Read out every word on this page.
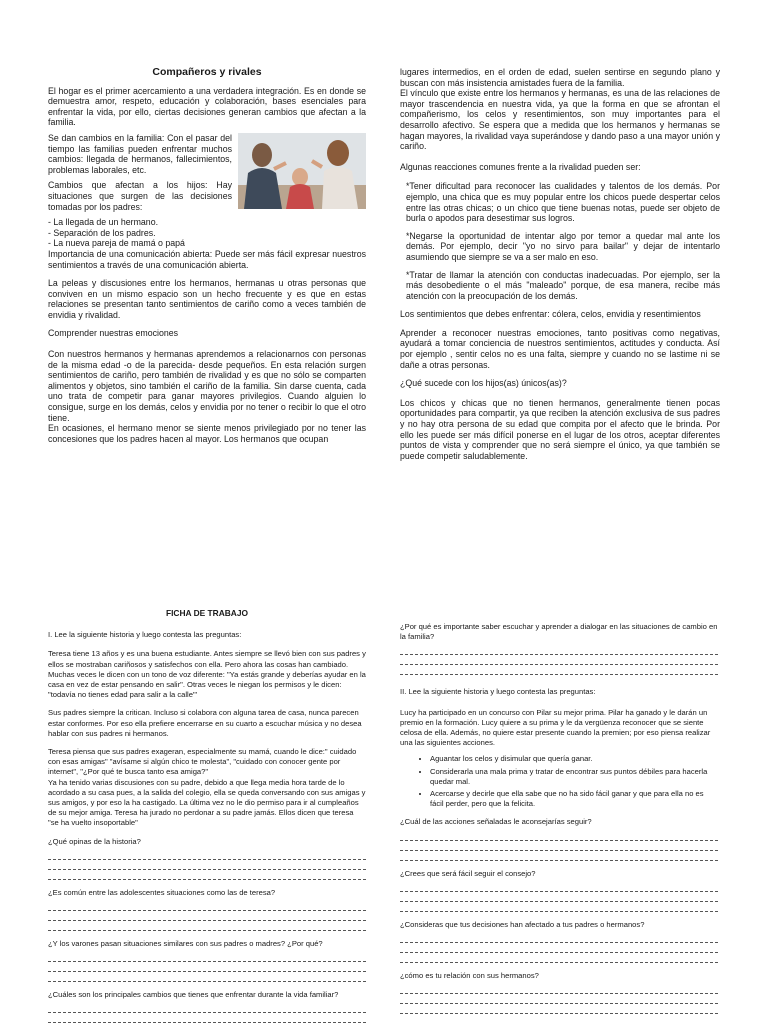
Compañeros y rivales

El hogar es el primer acercamiento a una verdadera integración. Es en donde se demuestra amor, respeto, educación y colaboración, bases esenciales para enfrentar la vida, por ello, ciertas decisiones generan cambios que afectan a la familia.

Se dan cambios en la familia: Con el pasar del tiempo las familias pueden enfrentar muchos cambios: llegada de hermanos, fallecimientos, problemas laborales, etc.

Cambios que afectan a los hijos: Hay situaciones que surgen de las decisiones tomadas por los padres:

- La llegada de un hermano.
- Separación de los padres.
- La nueva pareja de mamá o papá

Importancia de una comunicación abierta: Puede ser más fácil expresar nuestros sentimientos a través de una comunicación abierta.

La peleas y discusiones entre los hermanos, hermanas u otras personas que conviven en un mismo espacio son un hecho frecuente y es que en estas relaciones se presentan tanto sentimientos de cariño como a veces también de envidia y rivalidad.

Comprender nuestras emociones

Con nuestros hermanos y hermanas aprendemos a relacionarnos con personas de la misma edad -o de la parecida- desde pequeños. En esta relación surgen sentimientos de cariño, pero también de rivalidad y es que no sólo se comparten alimentos y objetos, sino también el cariño de la familia. Sin darse cuenta, cada uno trata de competir para ganar mayores privilegios. Cuando alguien lo consigue, surge en los demás, celos y envidia por no tener o recibir lo que el otro tiene.

En ocasiones, el hermano menor se siente menos privilegiado por no tener las concesiones que los padres hacen al mayor. Los hermanos que ocupan

lugares intermedios, en el orden de edad, suelen sentirse en segundo plano y buscan con más insistencia amistades fuera de la familia.

El vínculo que existe entre los hermanos y hermanas, es una de las relaciones de mayor trascendencia en nuestra vida, ya que la forma en que se afrontan el compañerismo, los celos y resentimientos, son muy importantes para el desarrollo afectivo. Se espera que a medida que los hermanos y hermanas se hagan mayores, la rivalidad vaya superándose y dando paso a una mayor unión y cariño.

Algunas reacciones comunes frente a la rivalidad pueden ser:

*Tener dificultad para reconocer las cualidades y talentos de los demás. Por ejemplo, una chica que es muy popular entre los chicos puede despertar celos entre las otras chicas; o un chico que tiene buenas notas, puede ser objeto de burla o apodos para desestimar sus logros.

*Negarse la oportunidad de intentar algo por temor a quedar mal ante los demás. Por ejemplo, decir "yo no sirvo para bailar" y dejar de intentarlo asumiendo que siempre se va a ser malo en eso.

*Tratar de llamar la atención con conductas inadecuadas. Por ejemplo, ser la más desobediente o el más "maleado" porque, de esa manera, recibe más atención con la preocupación de los demás.

Los sentimientos que debes enfrentar: cólera, celos, envidia y resentimientos

Aprender a reconocer nuestras emociones, tanto positivas como negativas, ayudará a tomar conciencia de nuestros sentimientos, actitudes y conducta. Así por ejemplo , sentir celos no es una falta, siempre y cuando no se lastime ni se dañe a otras personas.

¿Qué sucede con los hijos(as) únicos(as)?

Los chicos y chicas que no tienen hermanos, generalmente tienen pocas oportunidades para compartir, ya que reciben la atención exclusiva de sus padres y no hay otra persona de su edad que compita por el afecto que le brinda. Por ello les puede ser más difícil ponerse en el lugar de los otros, aceptar diferentes puntos de vista y comprender que no será siempre el único, ya que también se puede competir saludablemente.

FICHA DE TRABAJO

I. Lee la siguiente historia y luego contesta las preguntas:

Teresa tiene 13 años y es una buena estudiante. Antes siempre se llevó bien con sus padres y ellos se mostraban cariñosos y satisfechos con ella. Pero ahora las cosas han cambiado. Muchas veces le dicen con un tono de voz diferente: "Ya estás grande y deberías ayudar en la casa en vez de estar pensando en salir". Otras veces le niegan los permisos y le dicen: "todavía no tienes edad para salir a la calle"'

Sus padres siempre la critican. Incluso si colabora con alguna tarea de casa, nunca parecen estar conformes. Por eso ella prefiere encerrarse en su cuarto a escuchar música y no desea hablar con sus padres ni hermanos.

Teresa piensa que sus padres exageran, especialmente su mamá, cuando le dice:" cuidado con esas amigas" "avísame si algún chico te molesta", "cuidado con conocer gente por internet", "¿Por qué te busca tanto esa amiga?"

Ya ha tenido varias discusiones con su padre, debido a que llega media hora tarde de lo acordado a su casa pues, a la salida del colegio, ella se queda conversando con sus amigas y sus amigos, y por eso la ha castigado. La última vez no le dio permiso para ir al cumpleaños de su mejor amiga. Teresa ha jurado no perdonar a su padre jamás. Ellos dicen que teresa "se ha vuelto insoportable"

¿Qué opinas de la historia?
¿Es común entre las adolescentes situaciones como las de teresa?
¿Y los varones pasan situaciones similares con sus padres o madres? ¿Por qué?
¿Cuáles son los principales cambios que tienes que enfrentar durante la vida familiar?
¿Por qué es importante saber escuchar y aprender a dialogar en las situaciones de cambio en la familia?

II. Lee la siguiente historia y luego contesta las preguntas:

Lucy ha participado en un concurso con Pilar su mejor prima. Pilar ha ganado y le darán un premio en la formación. Lucy quiere a su prima y le da vergüenza reconocer que se siente celosa de ella. Además, no quiere estar presente cuando la premien; por eso piensa realizar una las siguientes acciones.

• Aguantar los celos y disimular que quería ganar.
• Considerarla una mala prima y tratar de encontrar sus puntos débiles para hacerla quedar mal.
• Acercarse y decirle que ella sabe que no ha sido fácil ganar y que para ella no es fácil perder, pero que la felicita.
¿Cuál de las acciones señaladas le aconsejarías seguir?
¿Crees que será fácil seguir el consejo?
¿Consideras que tus decisiones han afectado a tus padres o hermanos?
¿cómo es tu relación con sus hermanos?
